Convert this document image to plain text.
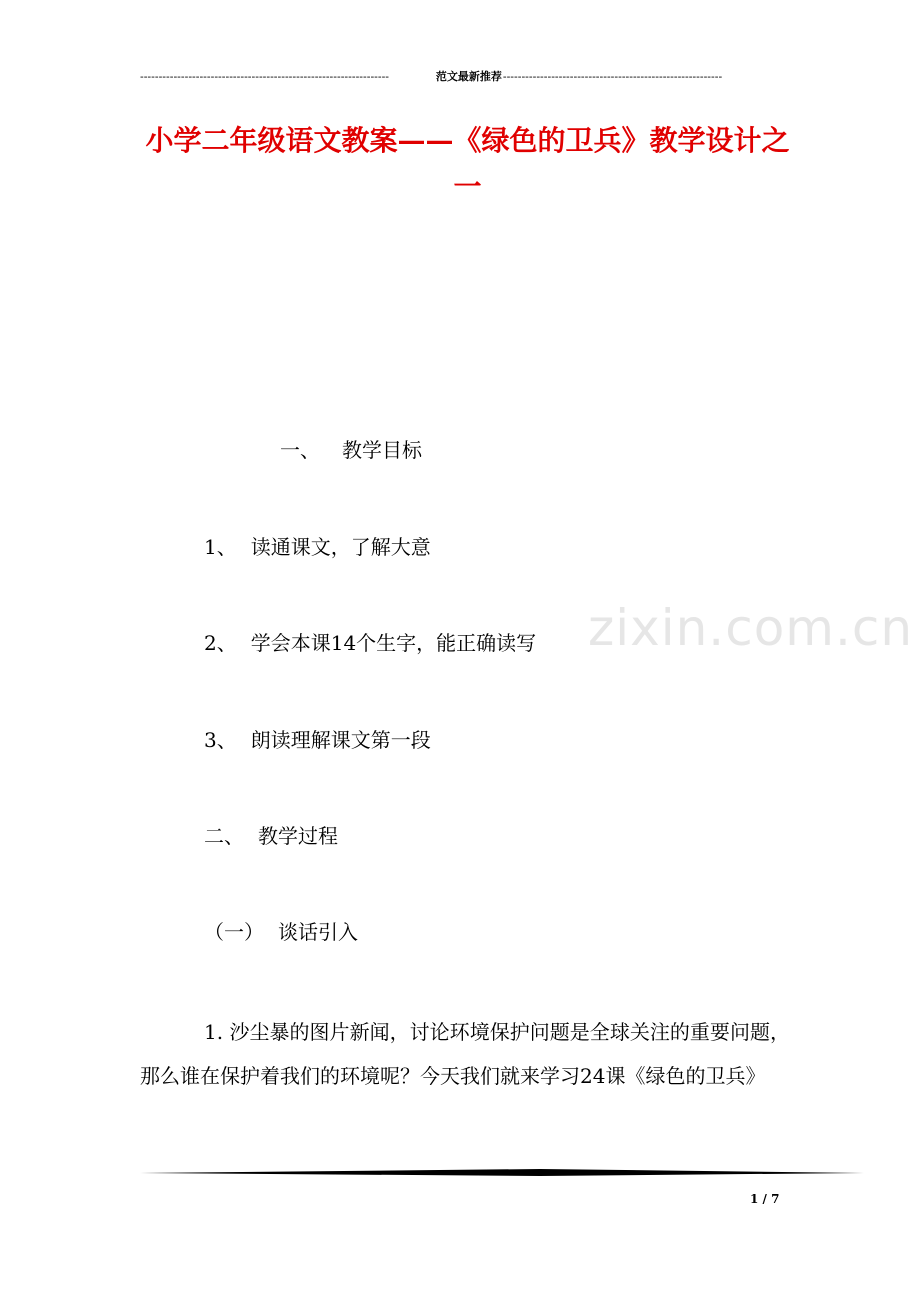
-------------------------------------------------------------------	范文最新推荐 -----------------------------------------------------------
小学二年级语文教案——《绿色的卫兵》教学设计之一
zixin.com.cn

一、 教学目标

1、 读通课文，了解大意

2、 学会本课14个生字，能正确读写

3、 朗读理解课文第一段

二、 教学过程

（一） 谈话引入

1. 沙尘暴的图片新闻，讨论环境保护问题是全球关注的重要问题，那么谁在保护着我们的环境呢？今天我们就来学习24课《绿色的卫兵》

1 / 7
